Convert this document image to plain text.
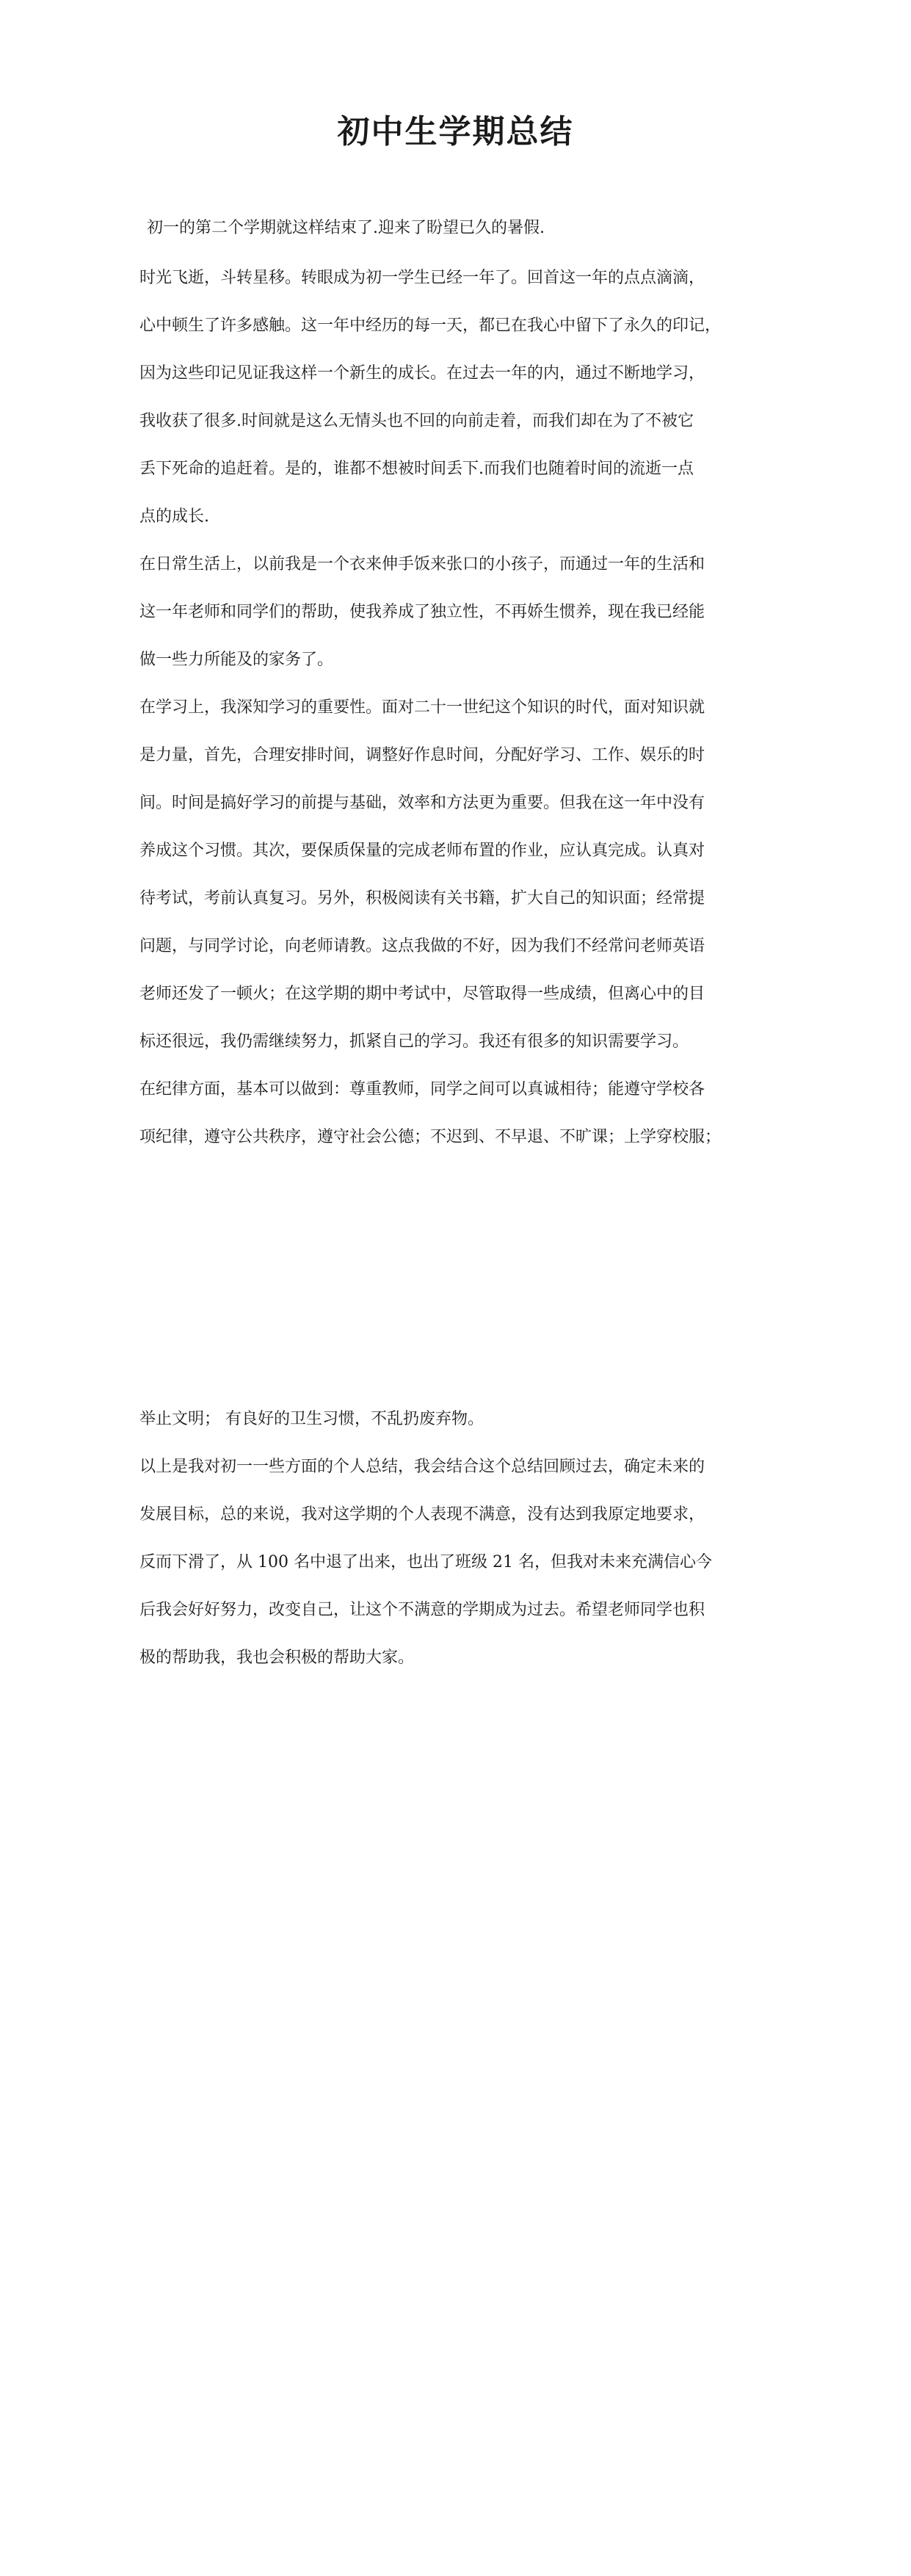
初中生学期总结
初一的第二个学期就这样结束了.迎来了盼望已久的暑假.
时光飞逝，斗转星移。转眼成为初一学生已经一年了。回首这一年的点点滴滴，
心中顿生了许多感触。这一年中经历的每一天，都已在我心中留下了永久的印记，
因为这些印记见证我这样一个新生的成长。在过去一年的内，通过不断地学习，
我收获了很多.时间就是这么无情头也不回的向前走着，而我们却在为了不被它
丢下死命的追赶着。是的，谁都不想被时间丢下.而我们也随着时间的流逝一点
点的成长.
在日常生活上，以前我是一个衣来伸手饭来张口的小孩子，而通过一年的生活和
这一年老师和同学们的帮助，使我养成了独立性，不再娇生惯养，现在我已经能
做一些力所能及的家务了。
在学习上，我深知学习的重要性。面对二十一世纪这个知识的时代，面对知识就
是力量，首先，合理安排时间，调整好作息时间，分配好学习、工作、娱乐的时
间。时间是搞好学习的前提与基础，效率和方法更为重要。但我在这一年中没有
养成这个习惯。其次，要保质保量的完成老师布置的作业，应认真完成。认真对
待考试，考前认真复习。另外，积极阅读有关书籍，扩大自己的知识面；经常提
问题，与同学讨论，向老师请教。这点我做的不好，因为我们不经常问老师英语
老师还发了一顿火；在这学期的期中考试中，尽管取得一些成绩，但离心中的目
标还很远，我仍需继续努力，抓紧自己的学习。我还有很多的知识需要学习。
在纪律方面，基本可以做到：尊重教师，同学之间可以真诚相待；能遵守学校各
项纪律，遵守公共秩序，遵守社会公德；不迟到、不早退、不旷课；上学穿校服；
举止文明； 有良好的卫生习惯，不乱扔废弃物。
以上是我对初一一些方面的个人总结，我会结合这个总结回顾过去，确定未来的
发展目标，总的来说，我对这学期的个人表现不满意，没有达到我原定地要求，
反而下滑了，从 100 名中退了出来，也出了班级 21 名，但我对未来充满信心今
后我会好好努力，改变自己，让这个不满意的学期成为过去。希望老师同学也积
极的帮助我，我也会积极的帮助大家。
